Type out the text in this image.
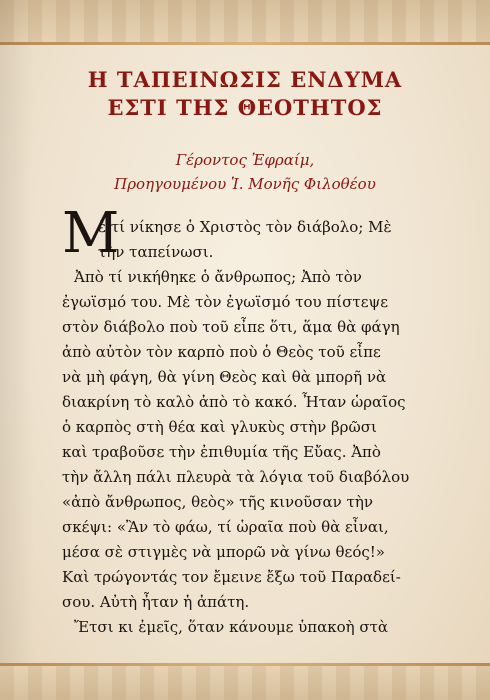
Η ΤΑΠΕΙΝΩΣΙΣ ΕΝΔΥΜΑ
ΕΣΤΙ ΤΗΣ ΘΕΟΤΗΤΟΣ
Γέροντος Ἐφραίμ,
Προηγουμένου Ἱ. Μονῆς Φιλοθέου
Μ
ὲ τί νίκησε ὁ Χριστὸς τὸν διάβολο; Μὲ
τὴν ταπείνωσι.
Ἀπὸ τί νικήθηκε ὁ ἄνθρωπος; Ἀπὸ τὸν
ἐγωϊσμό του. Μὲ τὸν ἐγωϊσμό του πίστεψε
στὸν διάβολο ποὺ τοῦ εἶπε ὅτι, ἅμα θὰ φάγη
ἀπὸ αὐτὸν τὸν καρπὸ ποὺ ὁ Θεὸς τοῦ εἶπε
νὰ μὴ φάγη, θὰ γίνη Θεὸς καὶ θὰ μπορῆ νὰ
διακρίνη τὸ καλὸ ἀπὸ τὸ κακό. Ἦταν ὡραῖος
ὁ καρπὸς στὴ θέα καὶ γλυκὺς στὴν βρῶσι
καὶ τραβοῦσε τὴν ἐπιθυμία τῆς Εὔας. Ἀπὸ
τὴν ἄλλη πάλι πλευρὰ τὰ λόγια τοῦ διαβόλου
«ἀπὸ ἄνθρωπος, θεὸς» τῆς κινοῦσαν τὴν
σκέψι: «Ἂν τὸ φάω, τί ὡραῖα ποὺ θὰ εἶναι,
μέσα σὲ στιγμὲς νὰ μπορῶ νὰ γίνω θεός!»
Καὶ τρώγοντάς τον ἔμεινε ἔξω τοῦ Παραδεί-
σου. Αὐτὴ ἦταν ἡ ἀπάτη.
Ἔτσι κι ἐμεῖς, ὅταν κάνουμε ὑπακοὴ στὰ
